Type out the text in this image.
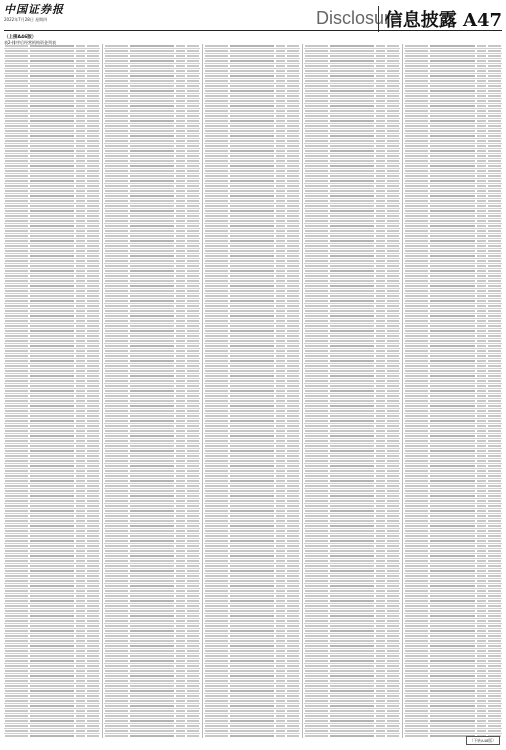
中国证券报
2022年7月28日 星期四	Disclosure
信息披露 A47
（上接A46版）
表2-排序后经营机构资金列表
（下转A48版）
